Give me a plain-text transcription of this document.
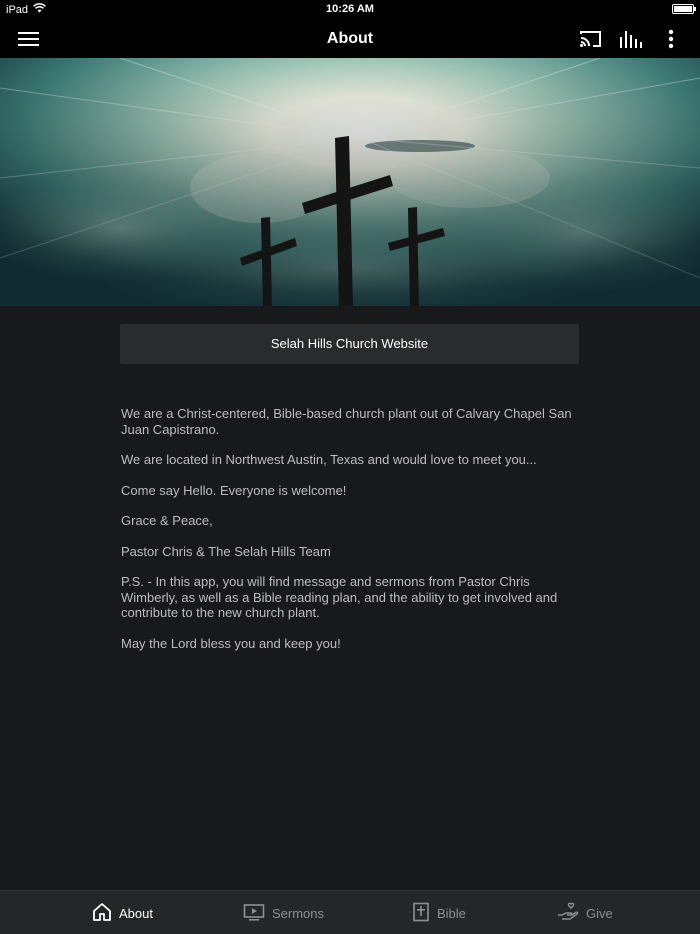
iPad	10:26 AM
About
Selah Hills Church Website

We are a Christ-centered, Bible-based church plant out of Calvary Chapel San Juan Capistrano.

We are located in Northwest Austin, Texas and would love to meet you...

Come say Hello. Everyone is welcome!

Grace & Peace,

Pastor Chris & The Selah Hills Team

P.S. - In this app, you will find message and sermons from Pastor Chris Wimberly, as well as a Bible reading plan, and the ability to get involved and contribute to the new church plant.

May the Lord bless you and keep you!

About	Sermons	Bible	Give
